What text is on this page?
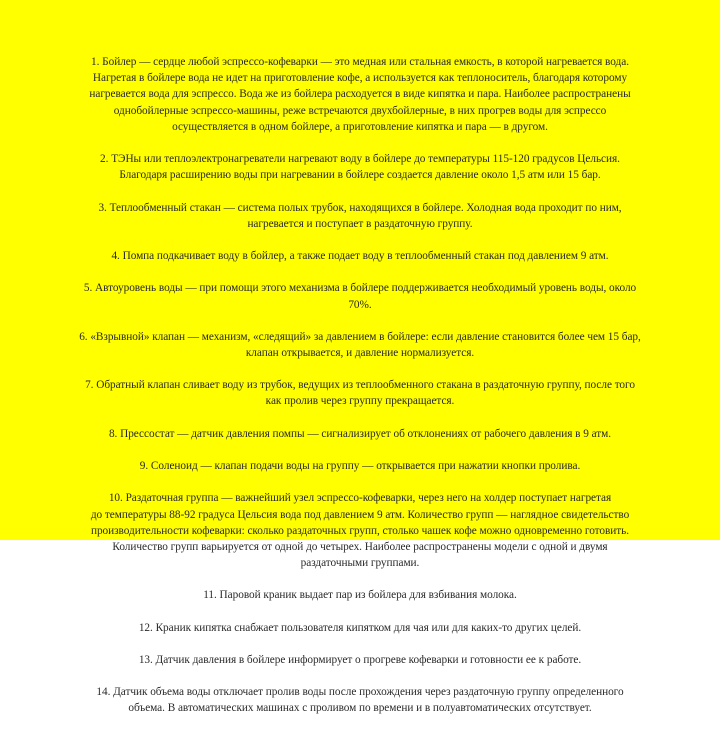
1. Бойлер — сердце любой эспрессо-кофеварки — это медная или стальная емкость, в которой нагревается вода.
Нагретая в бойлере вода не идет на приготовление кофе, а используется как теплоноситель, благодаря которому
нагревается вода для эспрессо. Вода же из бойлера расходуется в виде кипятка и пара. Наиболее распространены
однобойлерные эспрессо-машины, реже встречаются двухбойлерные, в них прогрев воды для эспрессо
осуществляется в одном бойлере, а приготовление кипятка и пара — в другом.

2. ТЭНы или теплоэлектронагреватели нагревают воду в бойлере до температуры 115-120 градусов Цельсия.
Благодаря расширению воды при нагревании в бойлере создается давление около 1,5 атм или 15 бар.

3. Теплообменный стакан — система полых трубок, находящихся в бойлере. Холодная вода проходит по ним,
нагревается и поступает в раздаточную группу.

4. Помпа подкачивает воду в бойлер, а также подает воду в теплообменный стакан под давлением 9 атм.

5. Автоуровень воды — при помощи этого механизма в бойлере поддерживается необходимый уровень воды, около
70%.

6. «Взрывной» клапан — механизм, «следящий» за давлением в бойлере: если давление становится более чем 15 бар,
клапан открывается, и давление нормализуется.

7. Обратный клапан сливает воду из трубок, ведущих из теплообменного стакана в раздаточную группу, после того
как пролив через группу прекращается.

8. Прессостат — датчик давления помпы — сигнализирует об отклонениях от рабочего давления в 9 атм.

9. Соленоид — клапан подачи воды на группу — открывается при нажатии кнопки пролива.

10. Раздаточная группа — важнейший узел эспрессо-кофеварки, через него на холдер поступает нагретая
до температуры 88-92 градуса Цельсия вода под давлением 9 атм. Количество групп — наглядное свидетельство
производительности кофеварки: сколько раздаточных групп, столько чашек кофе можно одновременно готовить.
Количество групп варьируется от одной до четырех. Наиболее распространены модели с одной и двумя
раздаточными группами.

11. Паровой краник выдает пар из бойлера для взбивания молока.

12. Краник кипятка снабжает пользователя кипятком для чая или для каких-то других целей.

13. Датчик давления в бойлере информирует о прогреве кофеварки и готовности ее к работе.

14. Датчик объема воды отключает пролив воды после прохождения через раздаточную группу определенного
объема. В автоматических машинах с проливом по времени и в полуавтоматических отсутствует.
